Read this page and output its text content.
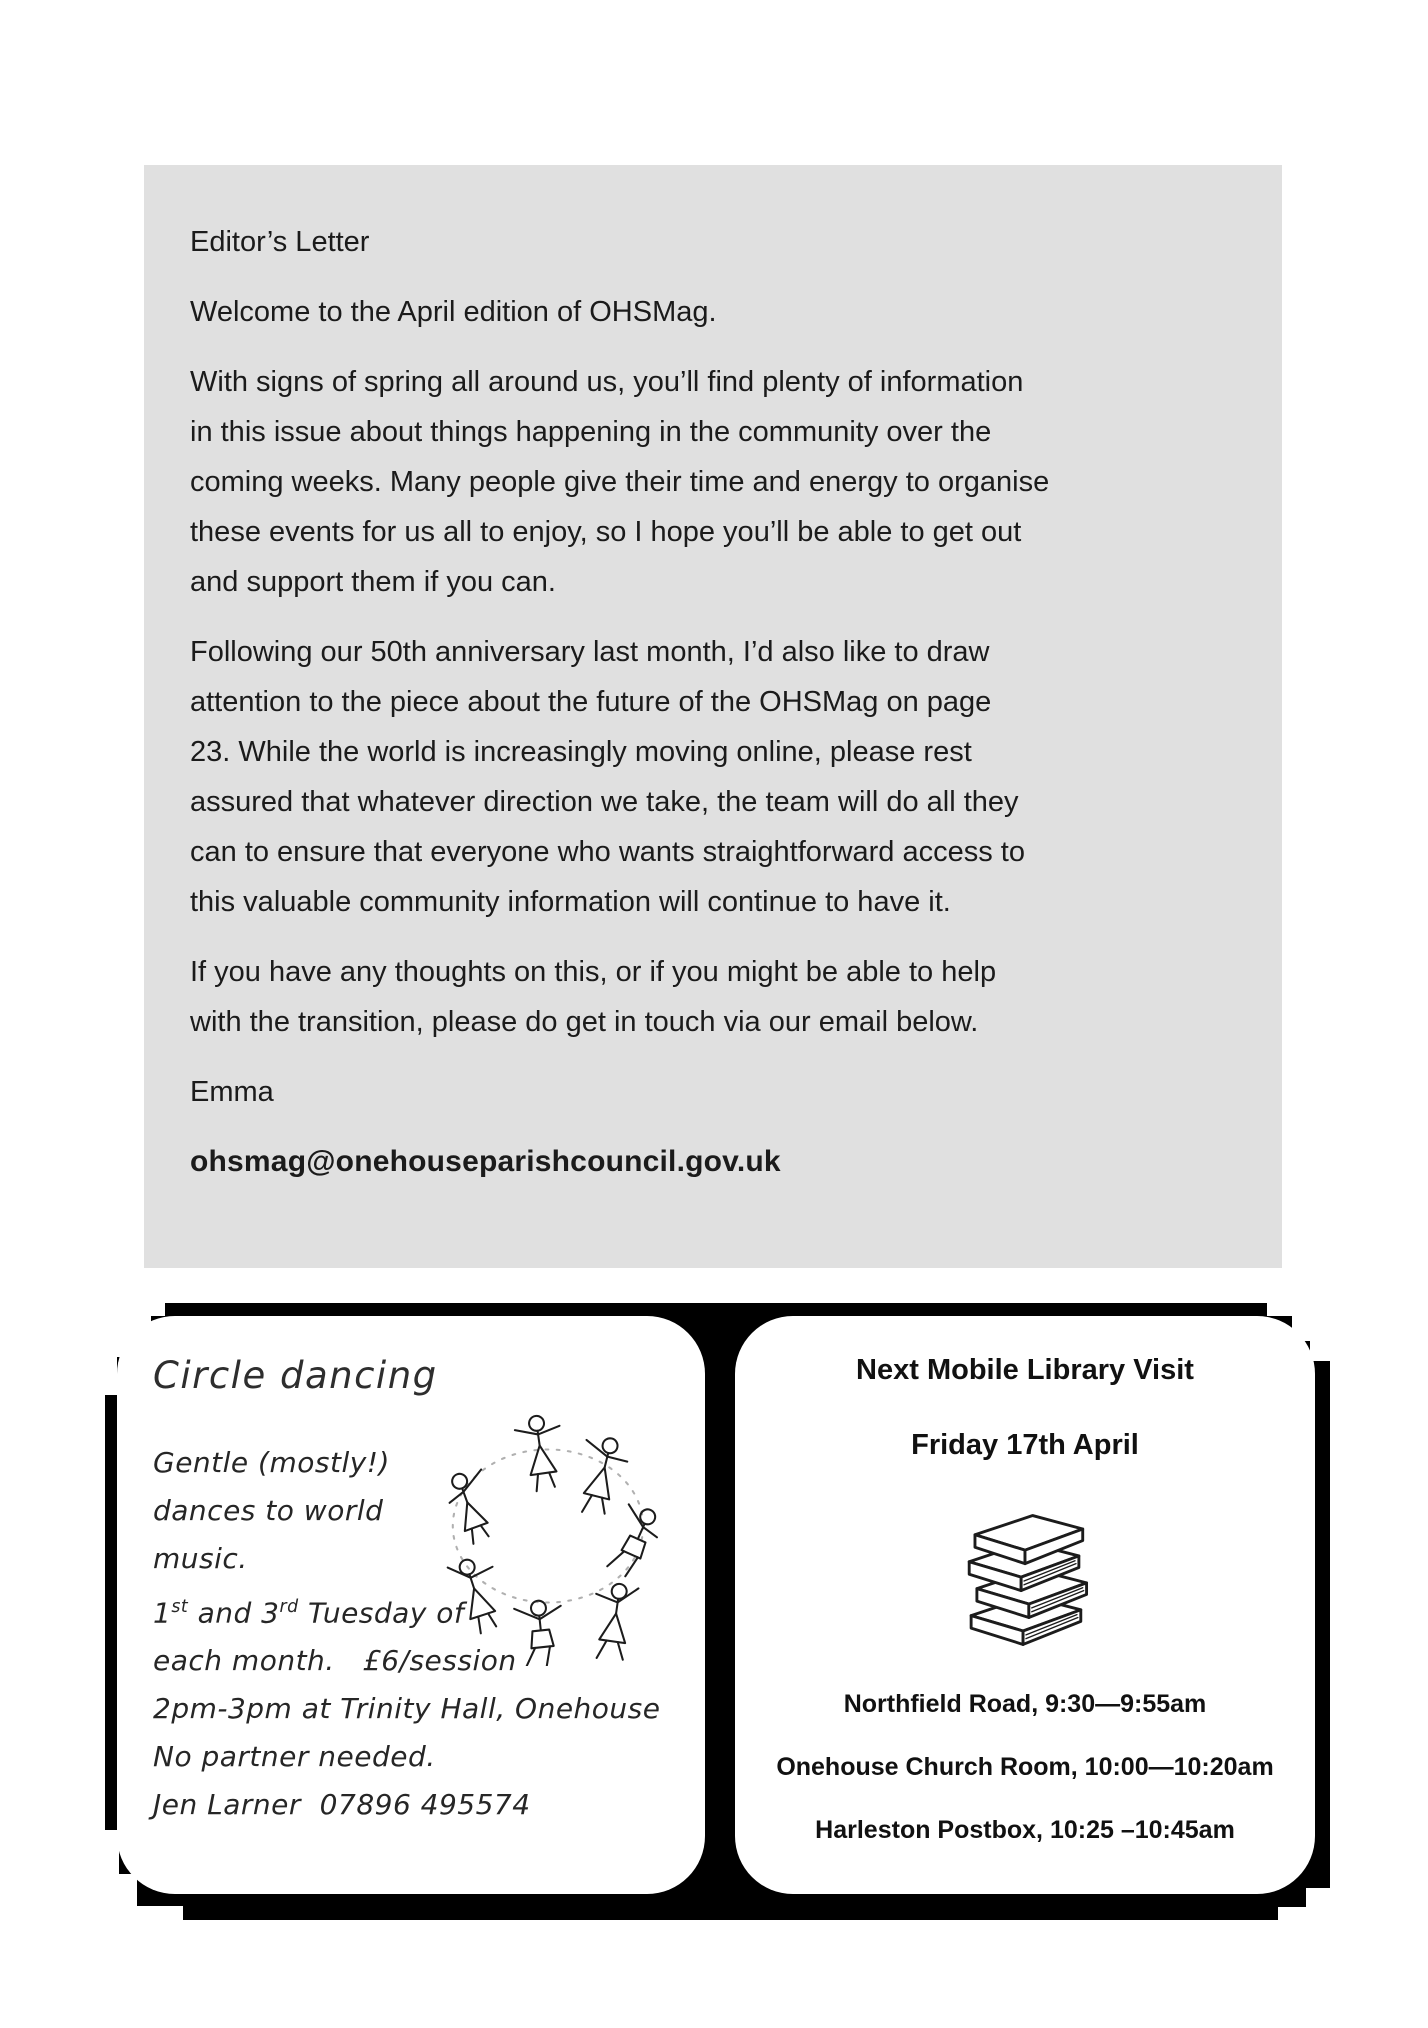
Editor’s Letter
Welcome to the April edition of OHSMag.
With signs of spring all around us, you’ll find plenty of information
in this issue about things happening in the community over the
coming weeks. Many people give their time and energy to organise
these events for us all to enjoy, so I hope you’ll be able to get out
and support them if you can.
Following our 50th anniversary last month, I’d also like to draw
attention to the piece about the future of the OHSMag on page
23. While the world is increasingly moving online, please rest
assured that whatever direction we take, the team will do all they
can to ensure that everyone who wants straightforward access to
this valuable community information will continue to have it.
If you have any thoughts on this, or if you might be able to help
with the transition, please do get in touch via our email below.
Emma
ohsmag@onehouseparishcouncil.gov.uk
Circle dancing
Gentle (mostly!)
dances to world
music.
1st and 3rd Tuesday of
each month.   £6/session
2pm-3pm at Trinity Hall, Onehouse
No partner needed.
Jen Larner  07896 495574
Next Mobile Library Visit
Friday 17th April
Northfield Road, 9:30—9:55am
Onehouse Church Room, 10:00—10:20am
Harleston Postbox, 10:25 –10:45am
